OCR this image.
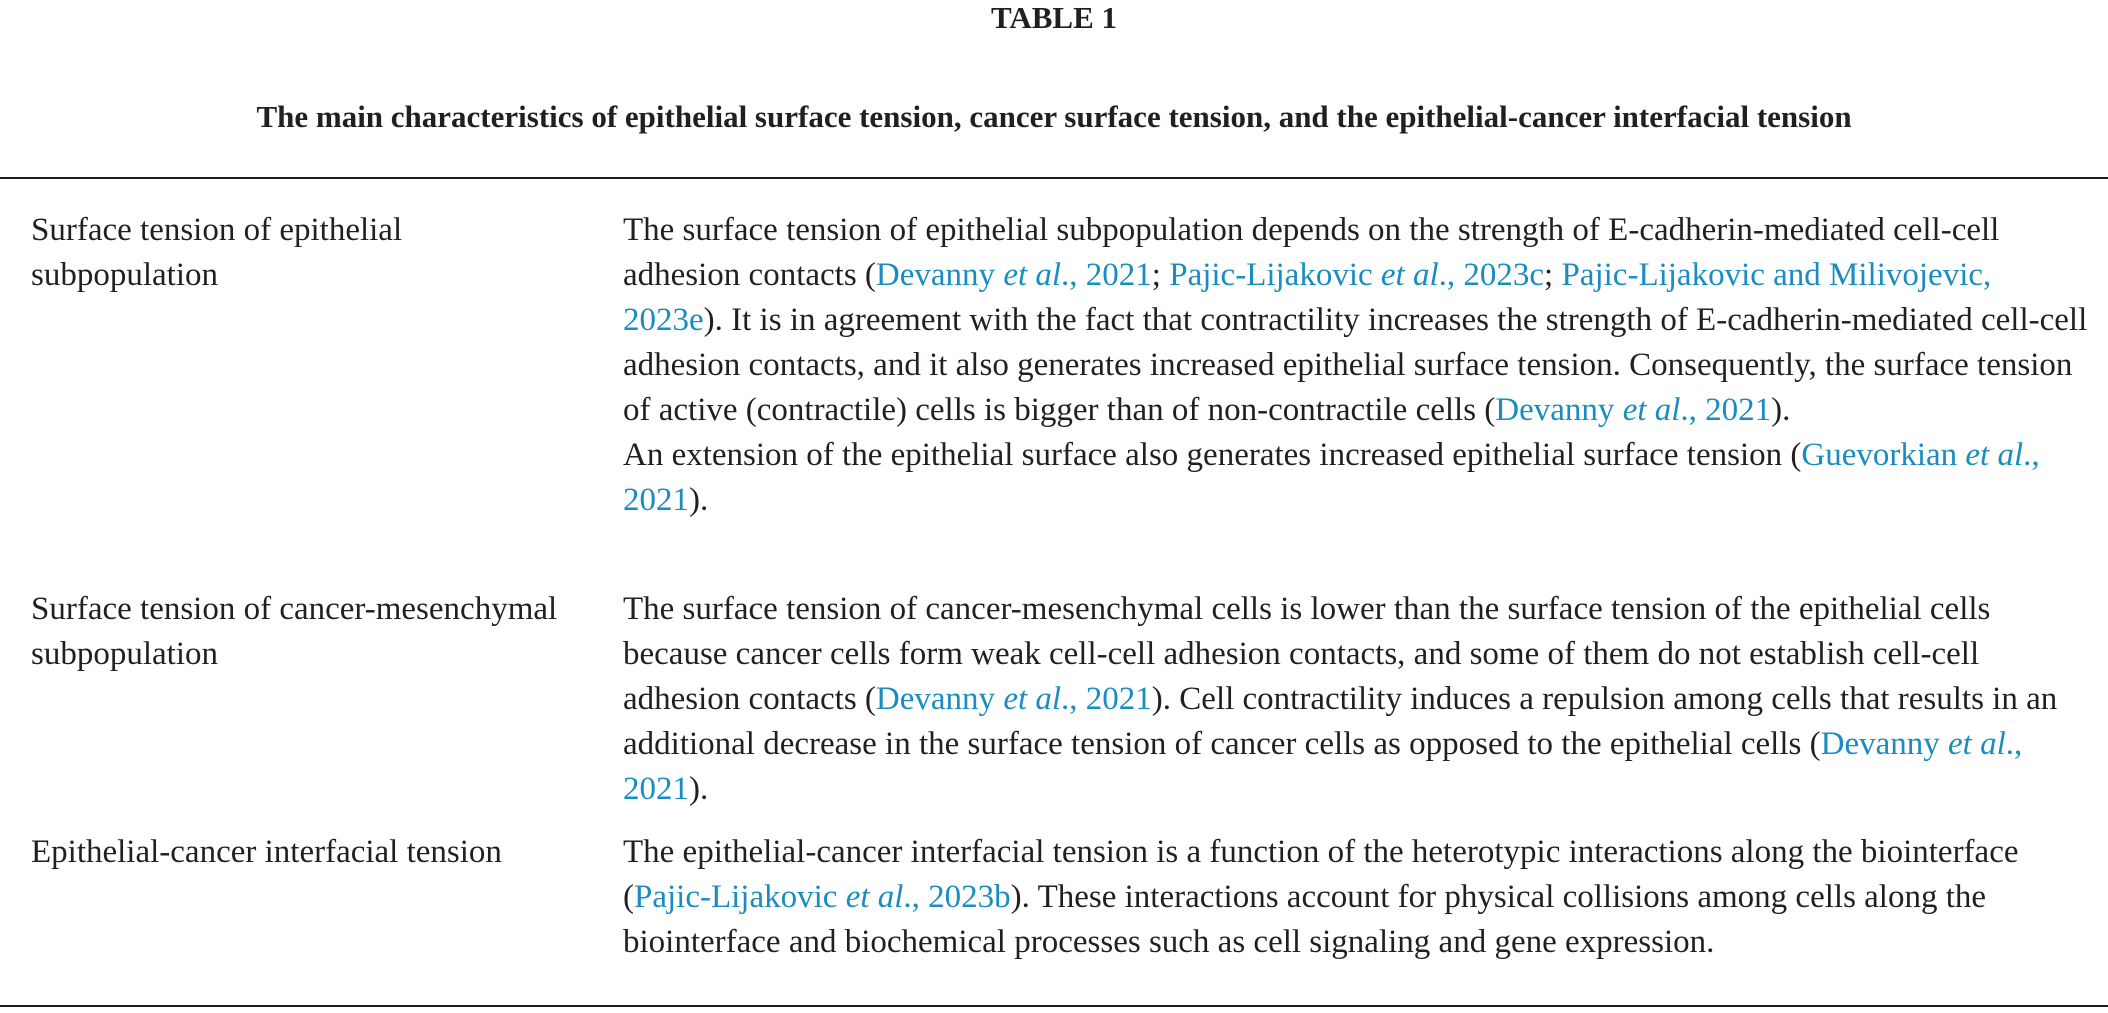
TABLE 1
The main characteristics of epithelial surface tension, cancer surface tension, and the epithelial-cancer interfacial tension
Surface tension of epithelial subpopulation

The surface tension of epithelial subpopulation depends on the strength of E-cadherin-mediated cell-cell adhesion contacts (Devanny et al., 2021; Pajic-Lijakovic et al., 2023c; Pajic-Lijakovic and Milivojevic, 2023e). It is in agreement with the fact that contractility increases the strength of E-cadherin-mediated cell-cell adhesion contacts, and it also generates increased epithelial surface tension. Consequently, the surface tension of active (contractile) cells is bigger than of non-contractile cells (Devanny et al., 2021).

An extension of the epithelial surface also generates increased epithelial surface tension (Guevorkian et al., 2021).

Surface tension of cancer-mesenchymal subpopulation

The surface tension of cancer-mesenchymal cells is lower than the surface tension of the epithelial cells because cancer cells form weak cell-cell adhesion contacts, and some of them do not establish cell-cell adhesion contacts (Devanny et al., 2021). Cell contractility induces a repulsion among cells that results in an additional decrease in the surface tension of cancer cells as opposed to the epithelial cells (Devanny et al., 2021).

Epithelial-cancer interfacial tension	The epithelial-cancer interfacial tension is a function of the heterotypic interactions along the biointerface (Pajic-Lijakovic et al., 2023b). These interactions account for physical collisions among cells along the biointerface and biochemical processes such as cell signaling and gene expression.
